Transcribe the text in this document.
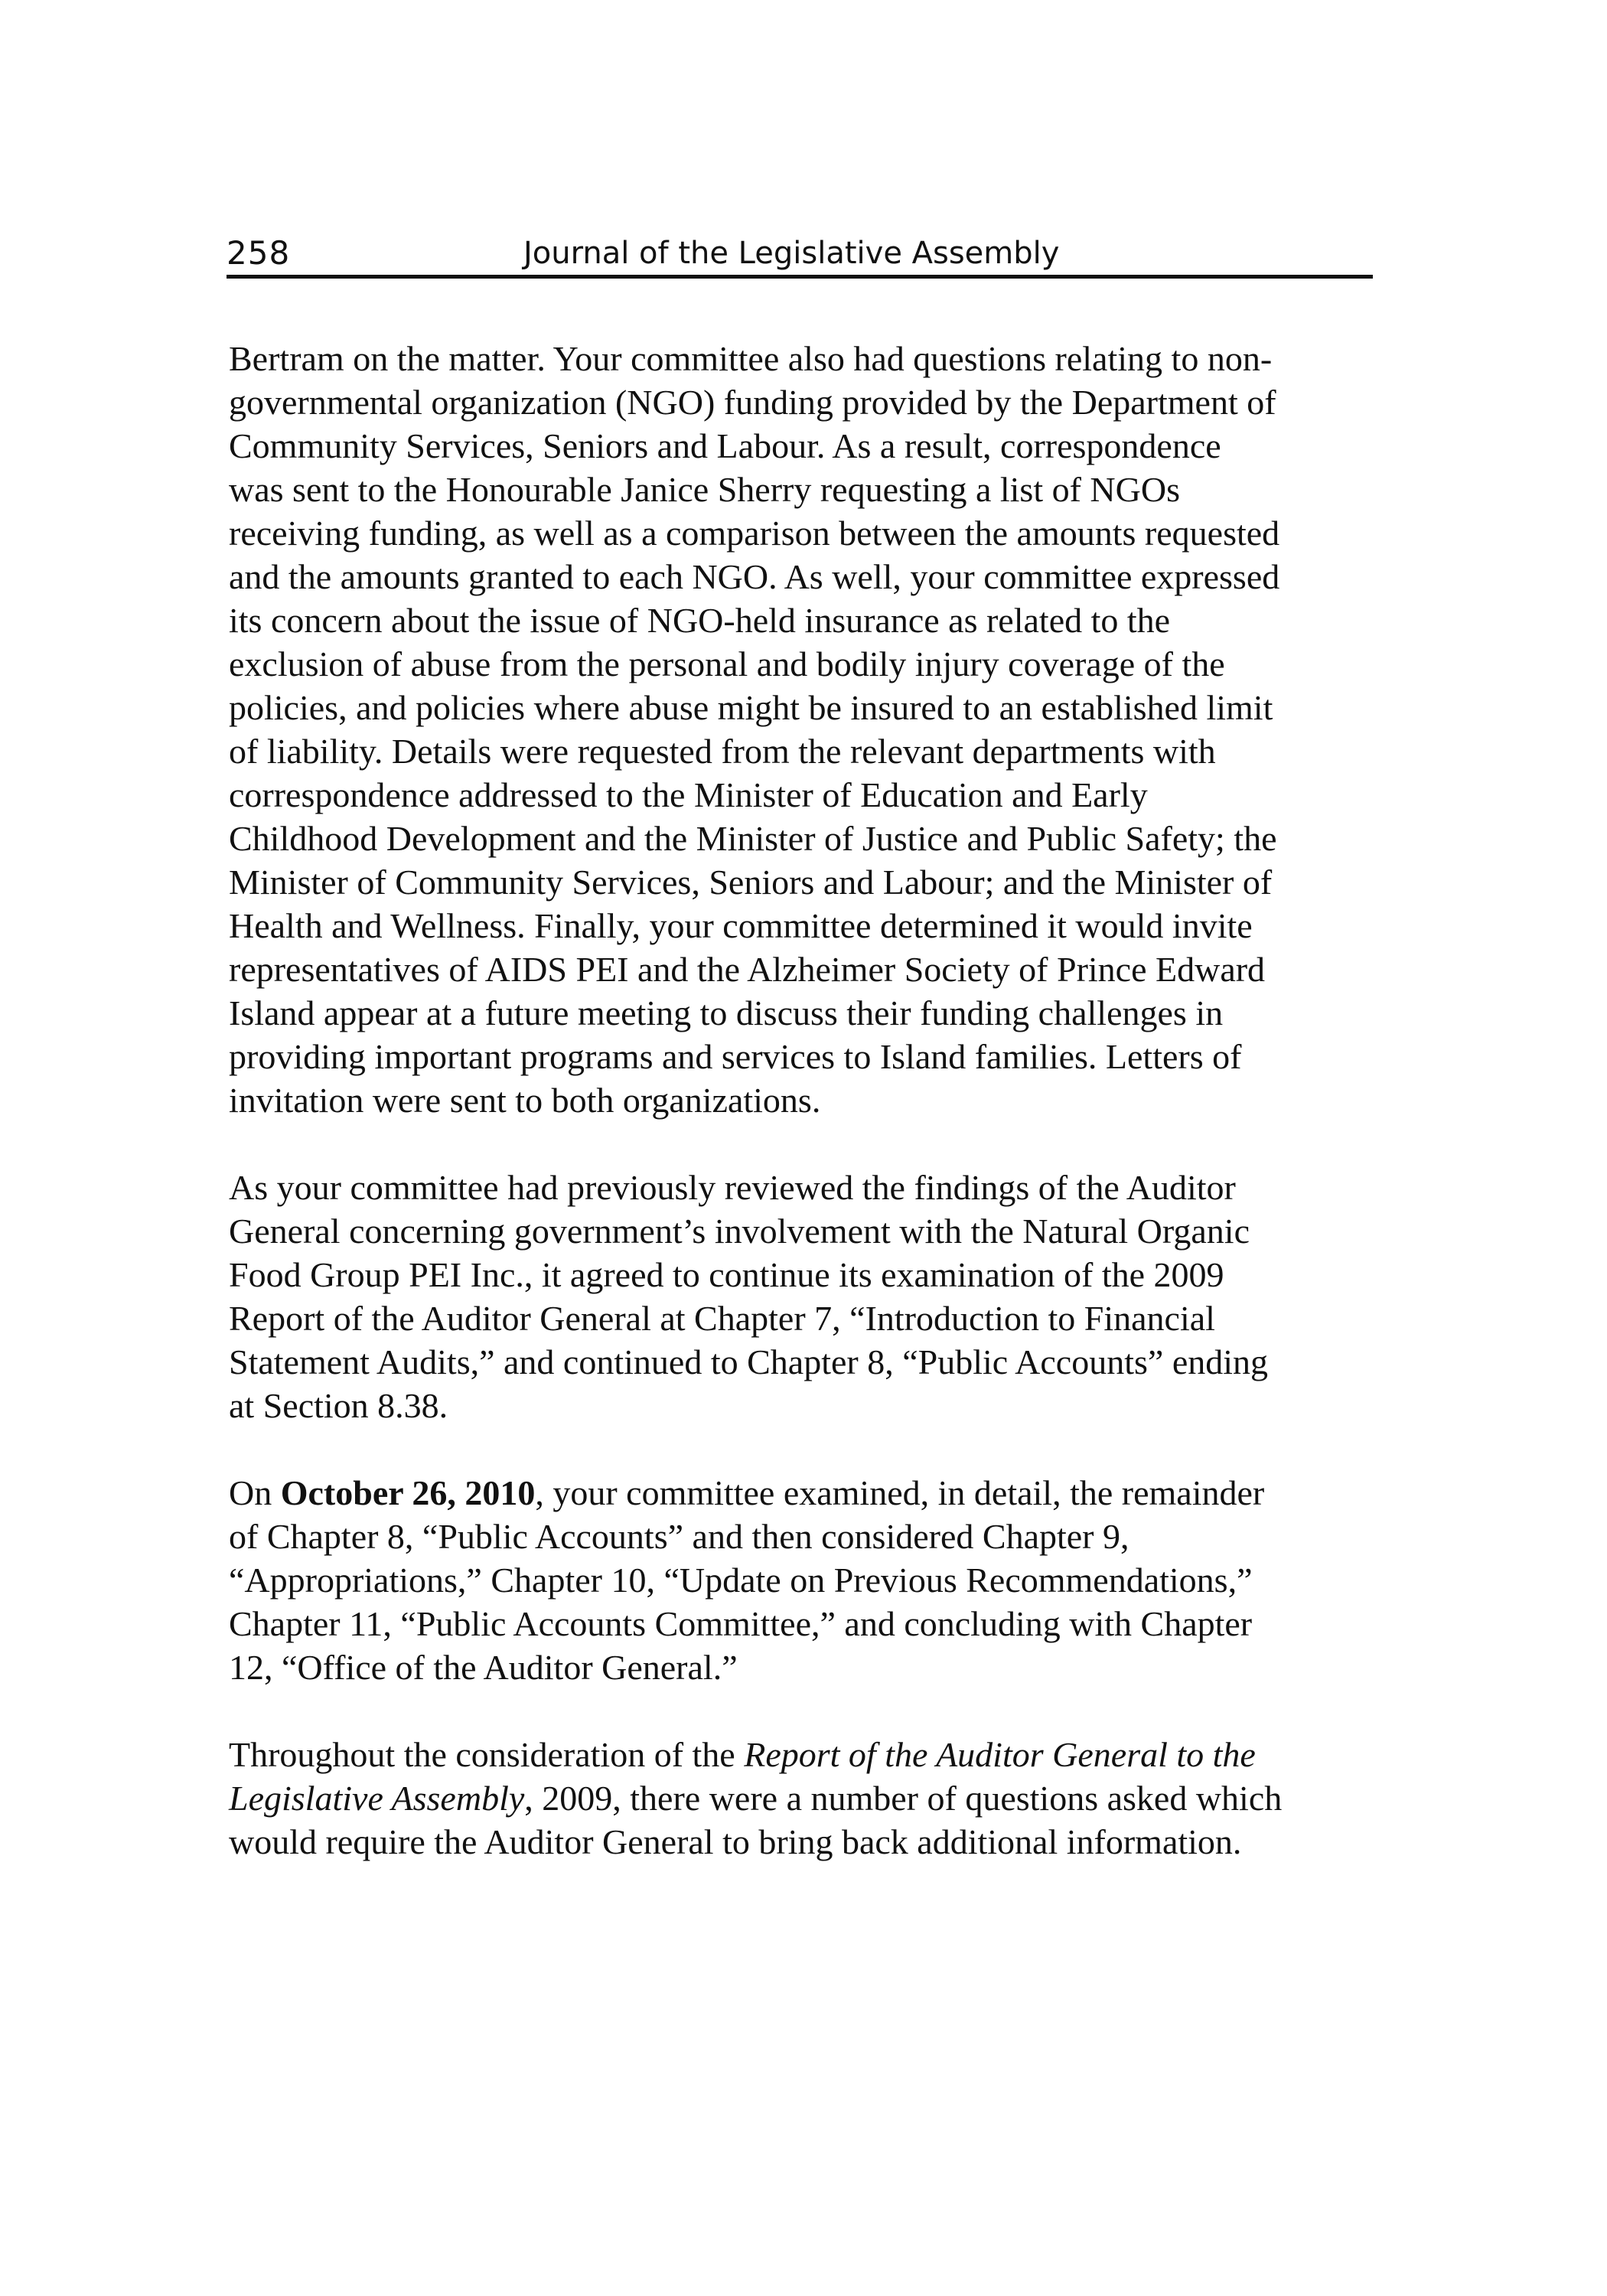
258	Journal of the Legislative Assembly
Bertram on the matter. Your committee also had questions relating to non-
governmental organization (NGO) funding provided by the Department of
Community Services, Seniors and Labour. As a result, correspondence
was sent to the Honourable Janice Sherry requesting a list of NGOs
receiving funding, as well as a comparison between the amounts requested
and the amounts granted to each NGO. As well, your committee expressed
its concern about the issue of NGO-held insurance as related to the
exclusion of abuse from the personal and bodily injury coverage of the
policies, and policies where abuse might be insured to an established limit
of liability. Details were requested from the relevant departments with
correspondence addressed to the Minister of Education and Early
Childhood Development and the Minister of Justice and Public Safety; the
Minister of Community Services, Seniors and Labour; and the Minister of
Health and Wellness. Finally, your committee determined it would invite
representatives of AIDS PEI and the Alzheimer Society of Prince Edward
Island appear at a future meeting to discuss their funding challenges in
providing important programs and services to Island families. Letters of
invitation were sent to both organizations.
As your committee had previously reviewed the findings of the Auditor
General concerning government’s involvement with the Natural Organic
Food Group PEI Inc., it agreed to continue its examination of the 2009
Report of the Auditor General at Chapter 7, “Introduction to Financial
Statement Audits,” and continued to Chapter 8, “Public Accounts” ending
at Section 8.38.
On October 26, 2010, your committee examined, in detail, the remainder
of Chapter 8, “Public Accounts” and then considered Chapter 9,
“Appropriations,” Chapter 10, “Update on Previous Recommendations,”
Chapter 11, “Public Accounts Committee,” and concluding with Chapter
12, “Office of the Auditor General.”
Throughout the consideration of the Report of the Auditor General to the
Legislative Assembly, 2009, there were a number of questions asked which
would require the Auditor General to bring back additional information.
